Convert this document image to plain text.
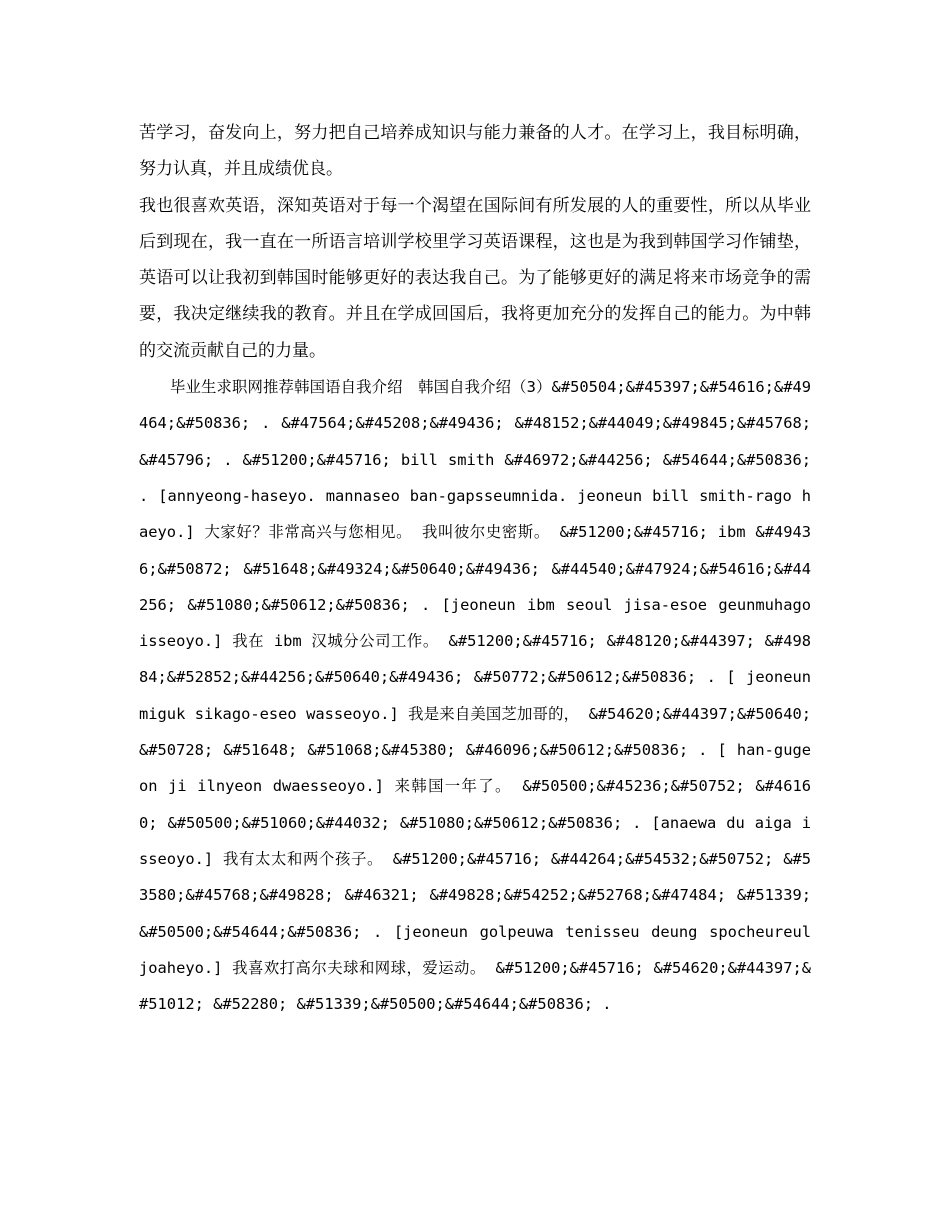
苦学习，奋发向上，努力把自己培养成知识与能力兼备的人才。在学习上，我目标明确，努力认真，并且成绩优良。

我也很喜欢英语，深知英语对于每一个渴望在国际间有所发展的人的重要性，所以从毕业后到现在，我一直在一所语言培训学校里学习英语课程，这也是为我到韩国学习作铺垫，英语可以让我初到韩国时能够更好的表达我自己。为了能够更好的满足将来市场竞争的需要，我决定继续我的教育。并且在学成回国后，我将更加充分的发挥自己的能力。为中韩的交流贡献自己的力量。

　　毕业生求职网推荐韩国语自我介绍　韩国自我介绍（3）&#50504;&#45397;&#54616;&#49464;&#50836; . &#47564;&#45208;&#49436; &#48152;&#44049;&#49845;&#45768;&#45796; . &#51200;&#45716; bill smith &#46972;&#44256; &#54644;&#50836; . [annyeong-haseyo. mannaseo ban-gapsseumnida. jeoneun bill smith-rago haeyo.] 大家好？非常高兴与您相见。 我叫彼尔史密斯。 &#51200;&#45716; ibm &#49436;&#50872; &#51648;&#49324;&#50640;&#49436; &#44540;&#47924;&#54616;&#44256; &#51080;&#50612;&#50836; . [jeoneun ibm seoul jisa-esoe geunmuhago isseoyo.] 我在 ibm 汉城分公司工作。 &#51200;&#45716; &#48120;&#44397; &#49884;&#52852;&#44256;&#50640;&#49436; &#50772;&#50612;&#50836; . [ jeoneun miguk sikago-eseo wasseoyo.] 我是来自美国芝加哥的， &#54620;&#44397;&#50640; &#50728; &#51648; &#51068;&#45380; &#46096;&#50612;&#50836; . [ han-guge on ji ilnyeon dwaesseoyo.] 来韩国一年了。 &#50500;&#45236;&#50752; &#46160; &#50500;&#51060;&#44032; &#51080;&#50612;&#50836; . [anaewa du aiga isseoyo.] 我有太太和两个孩子。 &#51200;&#45716; &#44264;&#54532;&#50752; &#53580;&#45768;&#49828; &#46321; &#49828;&#54252;&#52768;&#47484; &#51339;&#50500;&#54644;&#50836; . [jeoneun golpeuwa tenisseu deung spocheureul joaheyo.] 我喜欢打高尔夫球和网球，爱运动。 &#51200;&#45716; &#54620;&#44397;&#51012; &#52280; &#51339;&#50500;&#54644;&#50836; .
